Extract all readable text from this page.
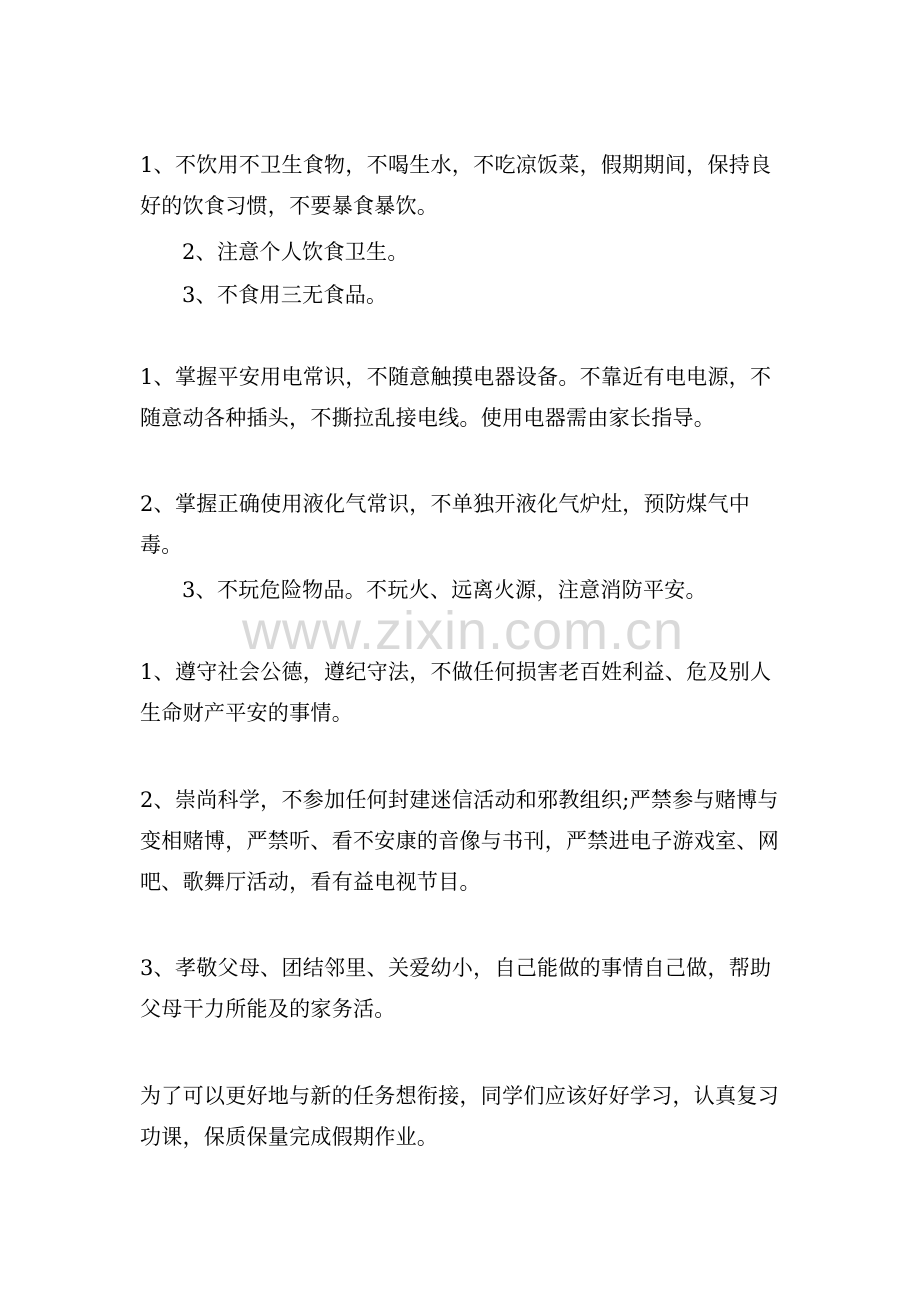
1、不饮用不卫生食物，不喝生水，不吃凉饭菜，假期期间，保持良好的饮食习惯，不要暴食暴饮。

2、注意个人饮食卫生。

3、不食用三无食品。

1、掌握平安用电常识，不随意触摸电器设备。不靠近有电电源，不随意动各种插头，不撕拉乱接电线。使用电器需由家长指导。

2、掌握正确使用液化气常识，不单独开液化气炉灶，预防煤气中毒。

3、不玩危险物品。不玩火、远离火源，注意消防平安。

www.zixin.com.cn

1、遵守社会公德，遵纪守法，不做任何损害老百姓利益、危及别人生命财产平安的事情。

2、崇尚科学，不参加任何封建迷信活动和邪教组织;严禁参与赌博与变相赌博，严禁听、看不安康的音像与书刊，严禁进电子游戏室、网吧、歌舞厅活动，看有益电视节目。

3、孝敬父母、团结邻里、关爱幼小，自己能做的事情自己做，帮助父母干力所能及的家务活。

为了可以更好地与新的任务想衔接，同学们应该好好学习，认真复习功课，保质保量完成假期作业。
